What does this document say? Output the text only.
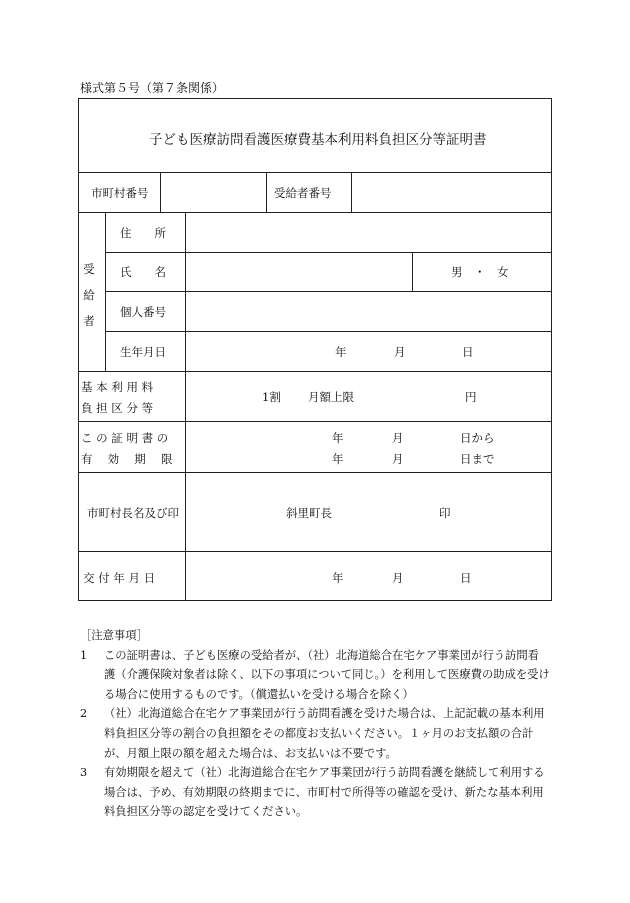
様式第５号（第７条関係）
子ども医療訪問看護医療費基本利用料負担区分等証明書
市町村番号	受給者番号
受
給
者
住　　所
氏　　名	男　・　女
個人番号
生年月日	年	月	日
基 本 利 用 料
負 担 区 分 等
1割 月額上限	円
こ の 証 明 書 の
有　 効　 期　 限
年	月	日から
年	月	日まで
市町村長名及び印	斜里町長	印
交 付 年 月 日	年	月	日

［注意事項］

1 この証明書は、子ども医療の受給者が、（社）北海道総合在宅ケア事業団が行う訪問看護（介護保険対象者は除く、以下の事項について同じ。）を利用して医療費の助成を受ける場合に使用するものです。（償還払いを受ける場合を除く）
2 （社）北海道総合在宅ケア事業団が行う訪問看護を受けた場合は、上記記載の基本利用料負担区分等の割合の負担額をその都度お支払いください。１ヶ月のお支払額の合計が、月額上限の額を超えた場合は、お支払いは不要です。
3 有効期限を超えて（社）北海道総合在宅ケア事業団が行う訪問看護を継続して利用する場合は、予め、有効期限の終期までに、市町村で所得等の確認を受け、新たな基本利用料負担区分等の認定を受けてください。
